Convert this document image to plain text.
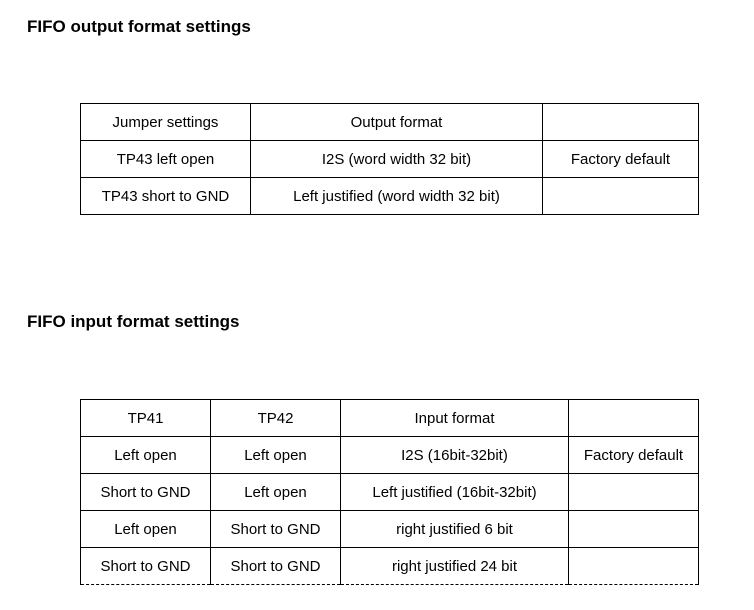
FIFO output format settings
Jumper settings	Output format	
TP43 left open	I2S (word width 32 bit)	Factory default
TP43 short to GND	Left justified (word width 32 bit)	
FIFO input format settings
TP41	TP42	Input format	
Left open	Left open	I2S (16bit-32bit)	Factory default
Short to GND	Left open	Left justified (16bit-32bit)	
Left open	Short to GND	right justified 6 bit	
Short to GND	Short to GND	right justified 24 bit	
